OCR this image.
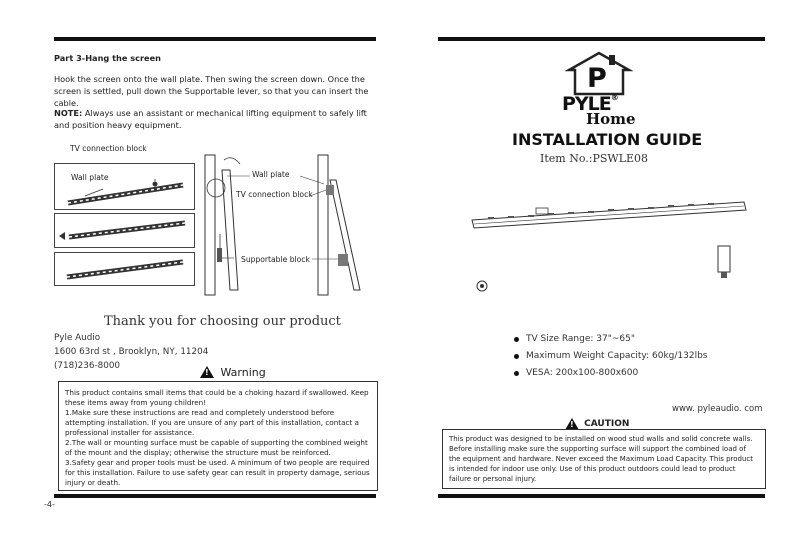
Part 3-Hang the screen
Hook the screen onto the wall plate. Then swing the screen down. Once the screen is settled, pull down the Supportable lever, so that you can insert the cable.
NOTE: Always use an assistant or mechanical lifting equipment to safely lift and position heavy equipment.
TV connection block
Wall plate	Wall plate
TV connection block
Supportable block
Thank you for choosing our product
Pyle Audio
1600 63rd st , Brooklyn, NY, 11204
(718)236-8000
! Warning
This product contains small items that could be a choking hazard if swallowed. Keep these items away from young children!
1.Make sure these instructions are read and completely understood before attempting installation. If you are unsure of any part of this installation, contact a professional installer for assistance.
2.The wall or mounting surface must be capable of supporting the combined weight of the mount and the display; otherwise the structure must be reinforced.
3.Safety gear and proper tools must be used. A minimum of two people are required for this installation. Failure to use safety gear can result in property damage, serious injury or death.
-4-
P
PYLE®
Home
INSTALLATION GUIDE
Item No.:PSWLE08
TV Size Range: 37"~65"
Maximum Weight Capacity: 60kg/132lbs
VESA: 200x100-800x600
www. pyleaudio. com
! CAUTION
This product was designed to be installed on wood stud walls and solid concrete walls. Before installing make sure the supporting surface will support the combined load of the equipment and hardware. Never exceed the Maximum Load Capacity. This product is intended for indoor use only. Use of this product outdoors could lead to product failure or personal injury.
